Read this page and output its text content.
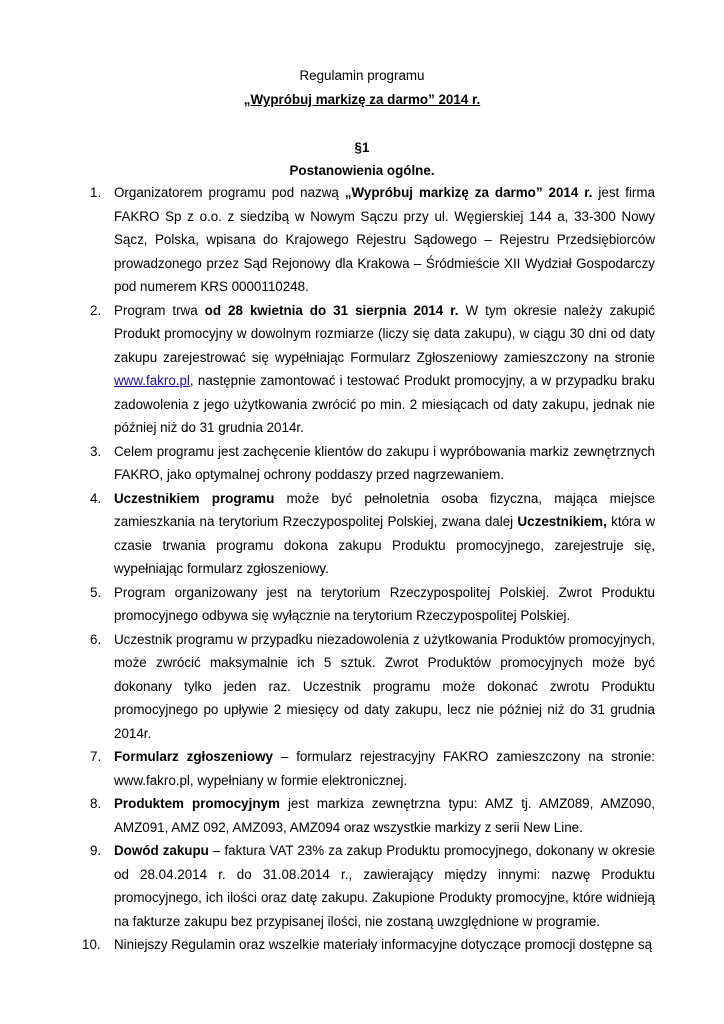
Regulamin programu
„Wypróbuj markizę za darmo” 2014 r.
§1
Postanowienia ogólne.
1. Organizatorem programu pod nazwą „Wypróbuj markizę za darmo” 2014 r. jest firma FAKRO Sp z o.o. z siedzibą w Nowym Sączu przy ul. Węgierskiej 144 a, 33-300 Nowy Sącz, Polska, wpisana do Krajowego Rejestru Sądowego – Rejestru Przedsiębiorców prowadzonego przez Sąd Rejonowy dla Krakowa – Śródmieście XII Wydział Gospodarczy pod numerem KRS 0000110248.
2. Program trwa od 28 kwietnia do 31 sierpnia 2014 r. W tym okresie należy zakupić Produkt promocyjny w dowolnym rozmiarze (liczy się data zakupu), w ciągu 30 dni od daty zakupu zarejestrować się wypełniając Formularz Zgłoszeniowy zamieszczony na stronie www.fakro.pl, następnie zamontować i testować Produkt promocyjny, a w przypadku braku zadowolenia z jego użytkowania zwrócić po min. 2 miesiącach od daty zakupu, jednak nie później niż do 31 grudnia 2014r.
3. Celem programu jest zachęcenie klientów do zakupu i wypróbowania markiz zewnętrznych FAKRO, jako optymalnej ochrony poddaszy przed nagrzewaniem.
4. Uczestnikiem programu może być pełnoletnia osoba fizyczna, mająca miejsce zamieszkania na terytorium Rzeczypospolitej Polskiej, zwana dalej Uczestnikiem, która w czasie trwania programu dokona zakupu Produktu promocyjnego, zarejestruje się, wypełniając formularz zgłoszeniowy.
5. Program organizowany jest na terytorium Rzeczypospolitej Polskiej. Zwrot Produktu promocyjnego odbywa się wyłącznie na terytorium Rzeczypospolitej Polskiej.
6. Uczestnik programu w przypadku niezadowolenia z użytkowania Produktów promocyjnych, może zwrócić maksymalnie ich 5 sztuk. Zwrot Produktów promocyjnych może być dokonany tylko jeden raz. Uczestnik programu może dokonać zwrotu Produktu promocyjnego po upływie 2 miesięcy od daty zakupu, lecz nie później niż do 31 grudnia 2014r.
7. Formularz zgłoszeniowy – formularz rejestracyjny FAKRO zamieszczony na stronie: www.fakro.pl, wypełniany w formie elektronicznej.
8. Produktem promocyjnym jest markiza zewnętrzna typu: AMZ tj. AMZ089, AMZ090, AMZ091, AMZ 092, AMZ093, AMZ094 oraz wszystkie markizy z serii New Line.
9. Dowód zakupu – faktura VAT 23% za zakup Produktu promocyjnego, dokonany w okresie od 28.04.2014 r. do 31.08.2014 r., zawierający między innymi: nazwę Produktu promocyjnego, ich ilości oraz datę zakupu. Zakupione Produkty promocyjne, które widnieją na fakturze zakupu bez przypisanej ilości, nie zostaną uwzględnione w programie.
10. Niniejszy Regulamin oraz wszelkie materiały informacyjne dotyczące promocji dostępne są
